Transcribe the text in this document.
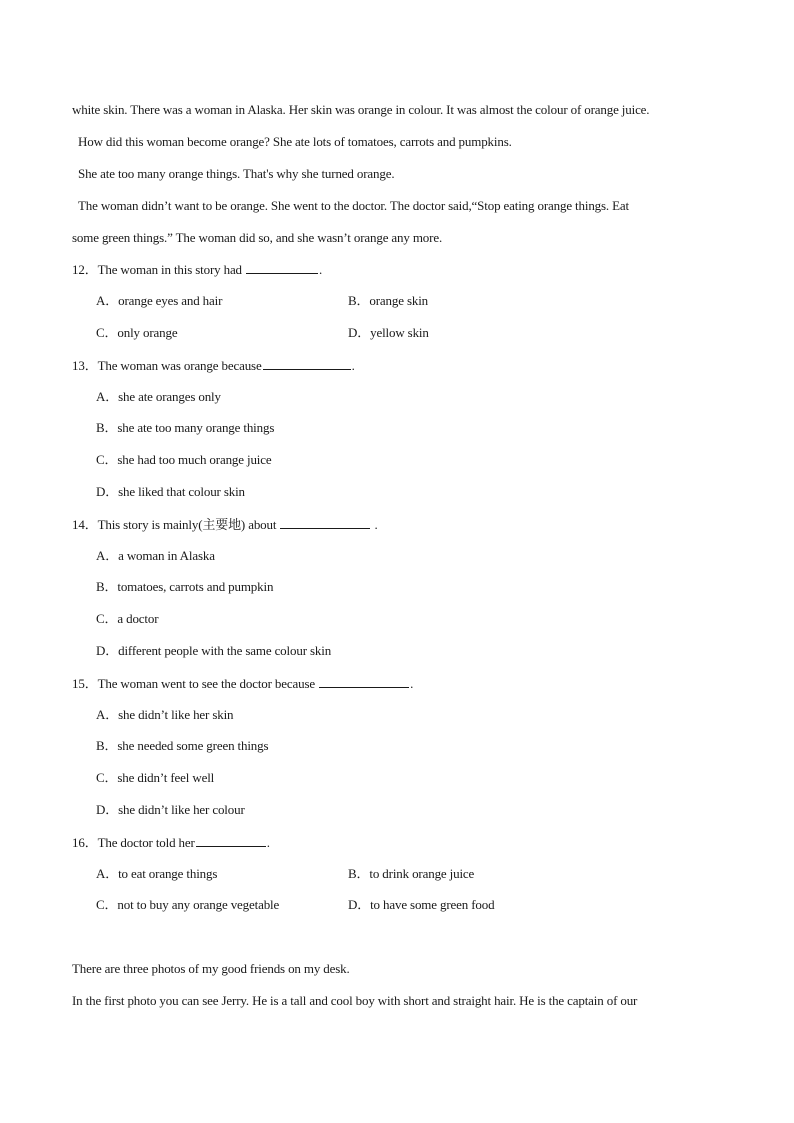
white skin. There was a woman in Alaska. Her skin was orange in colour. It was almost the colour of orange juice.
How did this woman become orange? She ate lots of tomatoes, carrots and pumpkins.
She ate too many orange things. That's why she turned orange.
The woman didn’t want to be orange. She went to the doctor. The doctor said,“Stop eating orange things. Eat
some green things.” The woman did so, and she wasn’t orange any more.
12．The woman in this story had	.
A．orange eyes and hair	B．orange skin
C．only orange	D．yellow skin
13．The woman was orange because	.
A．she ate oranges only
B．she ate too many orange things
C．she had too much orange juice
D．she liked that colour skin
14．This story is mainly(主要地) about	.
A．a woman in Alaska
B．tomatoes, carrots and pumpkin
C．a doctor
D．different people with the same colour skin
15．The woman went to see the doctor because	.
A．she didn’t like her skin
B．she needed some green things
C．she didn’t feel well
D．she didn’t like her colour
16．The doctor told her	.
A．to eat orange things	B．to drink orange juice
C．not to buy any orange vegetable	D．to have some green food
There are three photos of my good friends on my desk.
In the first photo you can see Jerry. He is a tall and cool boy with short and straight hair. He is the captain of our
